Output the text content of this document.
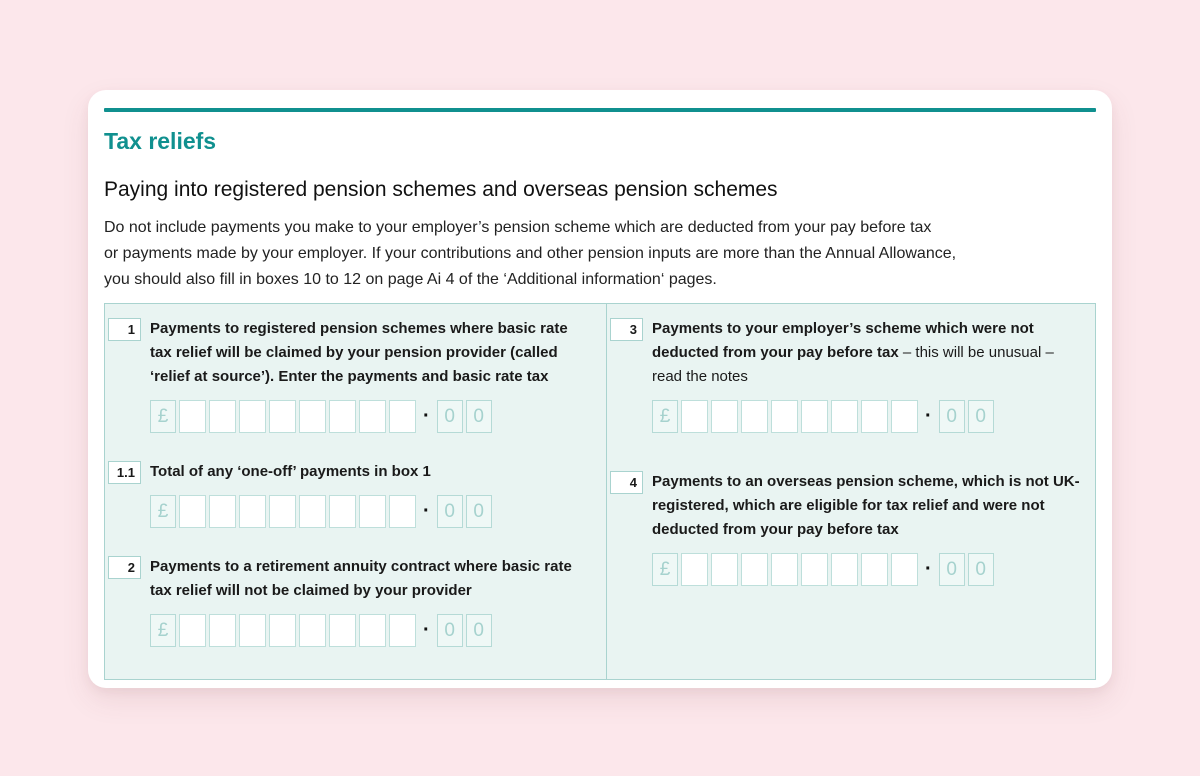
Tax reliefs
Paying into registered pension schemes and overseas pension schemes
Do not include payments you make to your employer’s pension scheme which are deducted from your pay before tax
or payments made by your employer. If your contributions and other pension inputs are more than the Annual Allowance,
you should also fill in boxes 10 to 12 on page Ai 4 of the ‘Additional information‘ pages.
1	Payments to registered pension schemes where basic rate tax relief will be claimed by your pension provider (called ‘relief at source’). Enter the payments and basic rate tax
£	· 0 0
1.1	Total of any ‘one-off’ payments in box 1
£	· 0 0
2	Payments to a retirement annuity contract where basic rate tax relief will not be claimed by your provider
£	· 0 0
3	Payments to your employer’s scheme which were not deducted from your pay before tax – this will be unusual – read the notes
£	· 0 0
4	Payments to an overseas pension scheme, which is not UK-registered, which are eligible for tax relief and were not deducted from your pay before tax
£	· 0 0
